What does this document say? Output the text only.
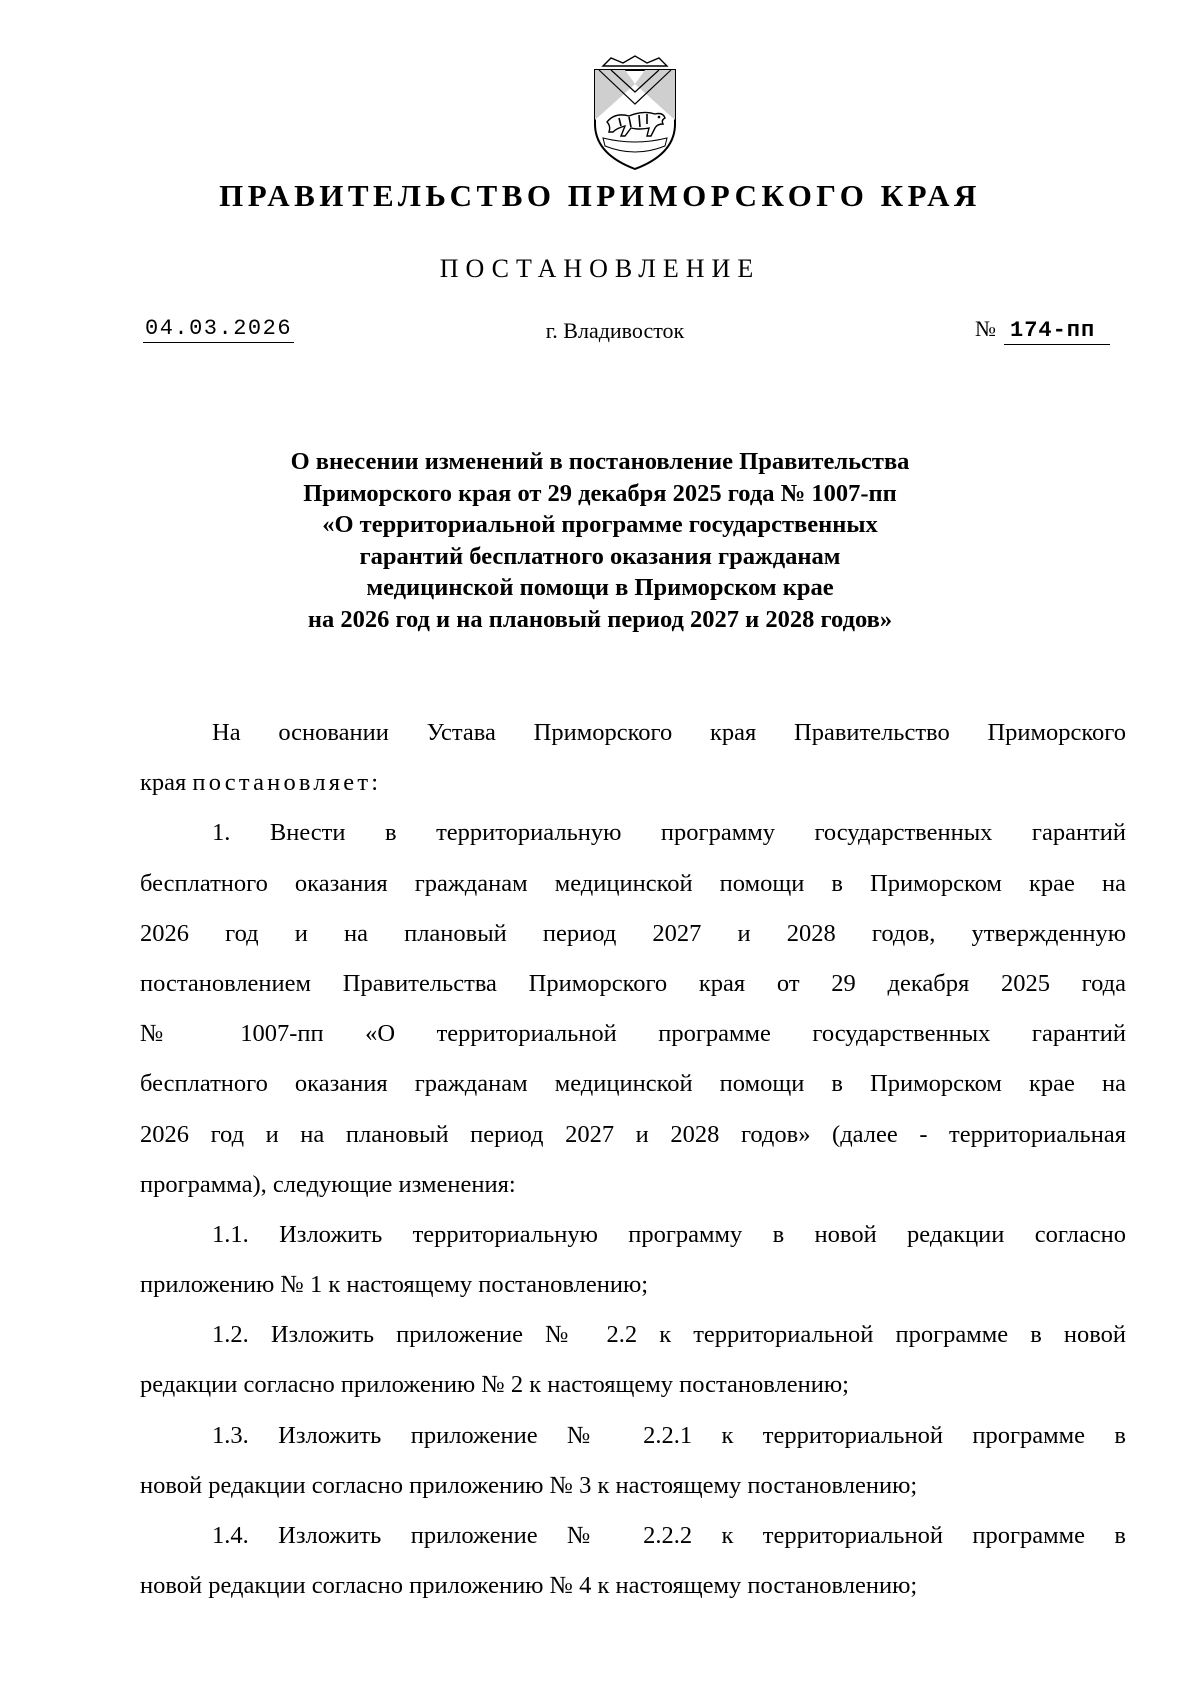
ПРАВИТЕЛЬСТВО ПРИМОРСКОГО КРАЯ
ПОСТАНОВЛЕНИЕ
04.03.2026	г. Владивосток	№ 174-пп
О внесении изменений в постановление Правительства
Приморского края от 29 декабря 2025 года № 1007-пп
«О территориальной программе государственных
гарантий бесплатного оказания гражданам
медицинской помощи в Приморском крае
на 2026 год и на плановый период 2027 и 2028 годов»
На основании Устава Приморского края Правительство Приморского
края постановляет:
1. Внести в территориальную программу государственных гарантий
бесплатного оказания гражданам медицинской помощи в Приморском крае на
2026 год и на плановый период 2027 и 2028 годов, утвержденную
постановлением Правительства Приморского края от 29 декабря 2025 года
№ 1007-пп «О территориальной программе государственных гарантий
бесплатного оказания гражданам медицинской помощи в Приморском крае на
2026 год и на плановый период 2027 и 2028 годов» (далее - территориальная
программа), следующие изменения:
1.1. Изложить территориальную программу в новой редакции согласно
приложению № 1 к настоящему постановлению;
1.2. Изложить приложение № 2.2 к территориальной программе в новой
редакции согласно приложению № 2 к настоящему постановлению;
1.3. Изложить приложение № 2.2.1 к территориальной программе в
новой редакции согласно приложению № 3 к настоящему постановлению;
1.4. Изложить приложение № 2.2.2 к территориальной программе в
новой редакции согласно приложению № 4 к настоящему постановлению;
